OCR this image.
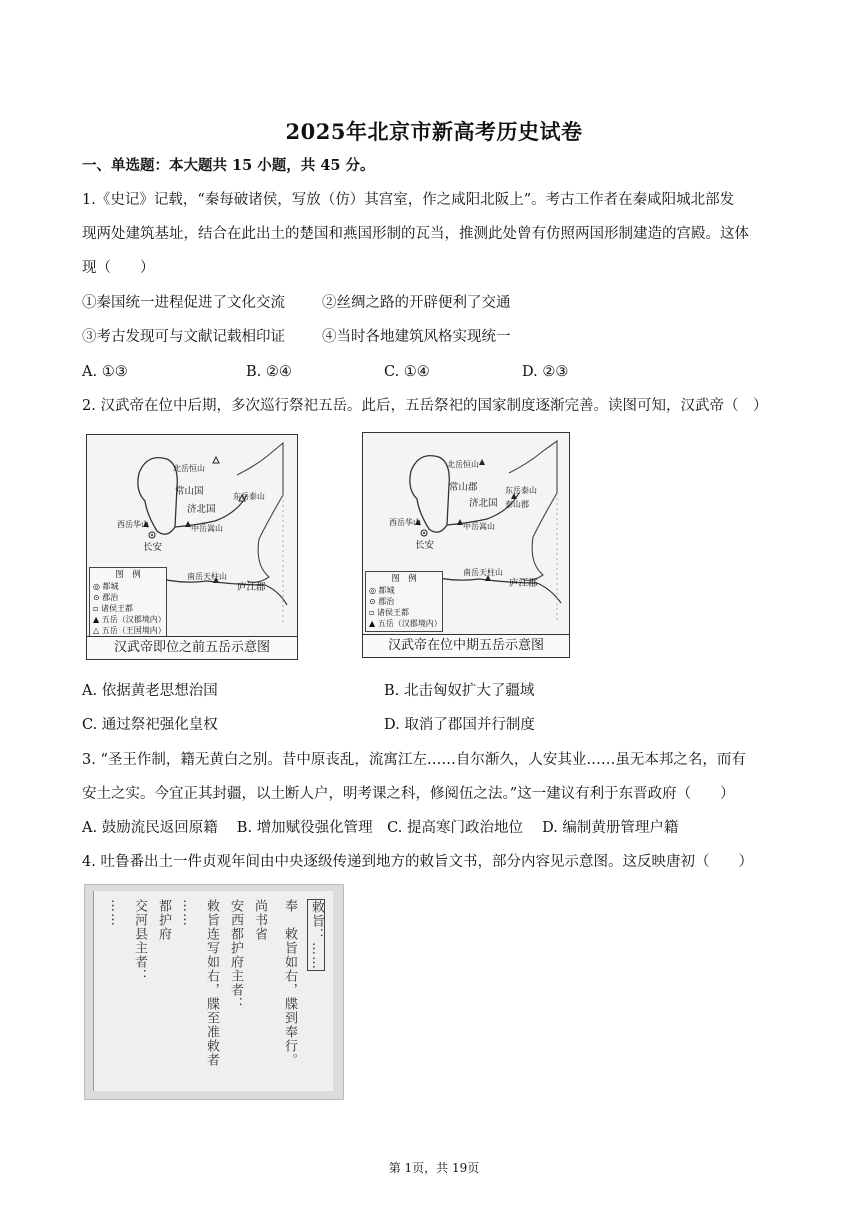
2025年北京市新高考历史试卷
一、单选题：本大题共 15 小题，共 45 分。
1.《史记》记载，“秦每破诸侯，写放（仿）其宫室，作之咸阳北阪上”。考古工作者在秦咸阳城北部发
现两处建筑基址，结合在此出土的楚国和燕国形制的瓦当，推测此处曾有仿照两国形制建造的宫殿。这体
现（　　）
①秦国统一进程促进了文化交流	②丝绸之路的开辟便利了交通
③考古发现可与文献记载相印证	④当时各地建筑风格实现统一
A. ①③	B. ②④	C. ①④	D. ②③
2. 汉武帝在位中后期，多次巡行祭祀五岳。此后，五岳祭祀的国家制度逐渐完善。读图可知，汉武帝（　）
北岳恒山
常山国	东岳泰山
济北国
西岳华山	中岳嵩山
长安
南岳天柱山
庐江郡
图　例
◎ 都城
⊙ 郡治
▫ 诸侯王都
▲ 五岳（汉郡境内）
△ 五岳（王国境内）
汉武帝即位之前五岳示意图
北岳恒山
常山郡	东岳泰山
济北国 泰山郡
西岳华山	中岳嵩山
长安
南岳天柱山
庐江郡
图　例
◎ 都城
⊙ 郡治
▫ 诸侯王都
▲ 五岳（汉郡境内）
汉武帝在位中期五岳示意图
A. 依据黄老思想治国	B. 北击匈奴扩大了疆域
C. 通过祭祀强化皇权	D. 取消了郡国并行制度
3. “圣王作制，籍无黄白之别。昔中原丧乱，流寓江左……自尔渐久，人安其业……虽无本邦之名，而有
安土之实。今宜正其封疆，以土断人户，明考课之科，修阅伍之法。”这一建议有利于东晋政府（　　）
A. 鼓励流民返回原籍　 B. 增加赋役强化管理　C. 提高寒门政治地位　 D. 编制黄册管理户籍
4. 吐鲁番出土一件贞观年间由中央逐级传递到地方的敕旨文书，部分内容见示意图。这反映唐初（　　）
敕旨：……
奉　敕旨如右，牒到奉行。
尚书省
安西都护府主者：
敕旨连写如右，牒至准敕者
……
都护府
交河县主者：
……
第 1页，共 19页
